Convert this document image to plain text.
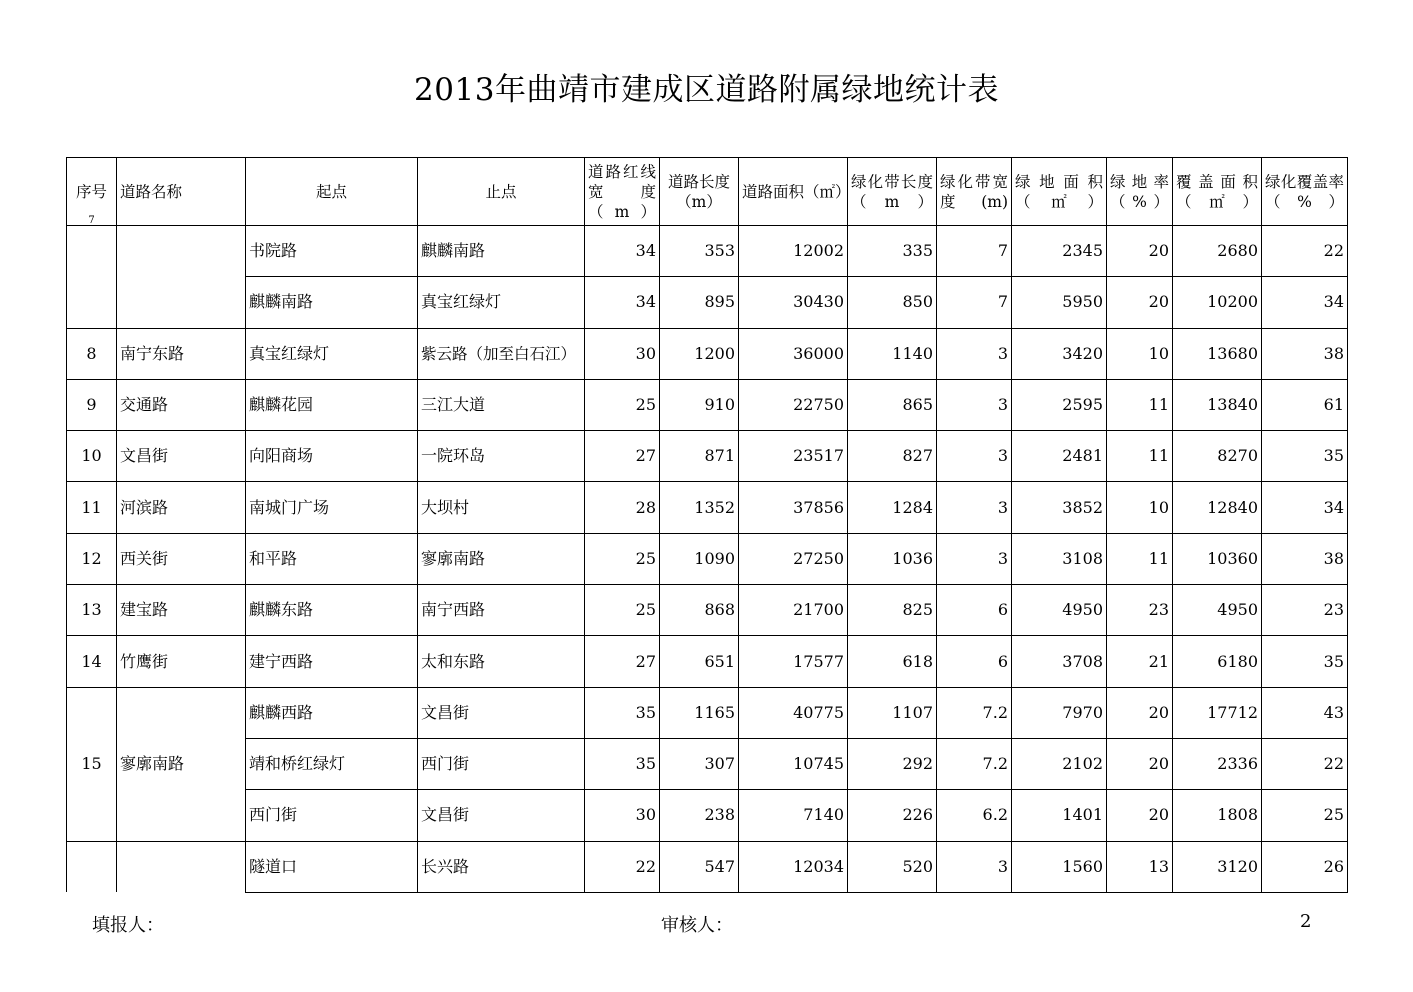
2013年曲靖市建成区道路附属绿地统计表
序号	道路名称	起点	止点	道路红线宽度（m）	道路长度（m）	道路面积（㎡）	绿化带长度（m）	绿化带宽度(m)	绿地面积（㎡）	绿地率（%）	覆盖面积（㎡）	绿化覆盖率（%）

7		书院路	麒麟南路	34	353	12002	335	7	2345	20	2680	22
		麒麟南路	真宝红绿灯	34	895	30430	850	7	5950	20	10200	34
8	南宁东路	真宝红绿灯	紫云路（加至白石江）	30	1200	36000	1140	3	3420	10	13680	38
9	交通路	麒麟花园	三江大道	25	910	22750	865	3	2595	11	13840	61
10	文昌街	向阳商场	一院环岛	27	871	23517	827	3	2481	11	8270	35
11	河滨路	南城门广场	大坝村	28	1352	37856	1284	3	3852	10	12840	34
12	西关街	和平路	寥廓南路	25	1090	27250	1036	3	3108	11	10360	38
13	建宝路	麒麟东路	南宁西路	25	868	21700	825	6	4950	23	4950	23
14	竹鹰街	建宁西路	太和东路	27	651	17577	618	6	3708	21	6180	35
15	寥廓南路	麒麟西路	文昌街	35	1165	40775	1107	7.2	7970	20	17712	43
		靖和桥红绿灯	西门街	35	307	10745	292	7.2	2102	20	2336	22
		西门街	文昌街	30	238	7140	226	6.2	1401	20	1808	25
		隧道口	长兴路	22	547	12034	520	3	1560	13	3120	26
填报人：	审核人：	2
